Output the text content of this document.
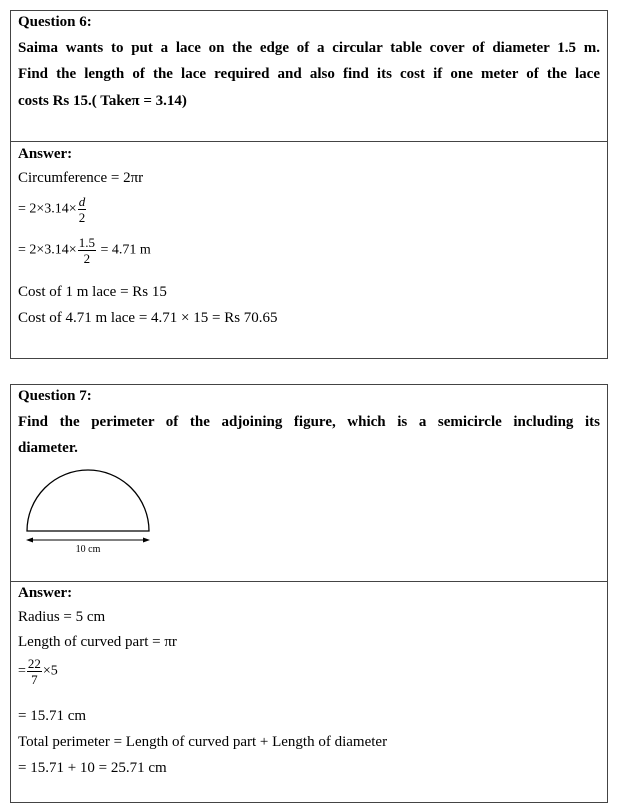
Question 6:
Saima wants to put a lace on the edge of a circular table cover of diameter 1.5 m.
Find the length of the lace required and also find its cost if one meter of the lace
costs Rs 15.( Takeπ = 3.14)
Answer:
Circumference = 2πr
= $2\times 3.14\times \frac{d}{2}$
= $2\times 3.14\times \frac{1.5}{2} = 4.71$ m
Cost of 1 m lace = Rs 15
Cost of 4.71 m lace = 4.71 × 15 = Rs 70.65
Question 7:
Find the perimeter of the adjoining figure, which is a semicircle including its
diameter.
10 cm
Answer:
Radius = 5 cm
Length of curved part = πr
= $\frac{22}{7} \times 5$
= 15.71 cm
Total perimeter = Length of curved part + Length of diameter
= 15.71 + 10 = 25.71 cm
